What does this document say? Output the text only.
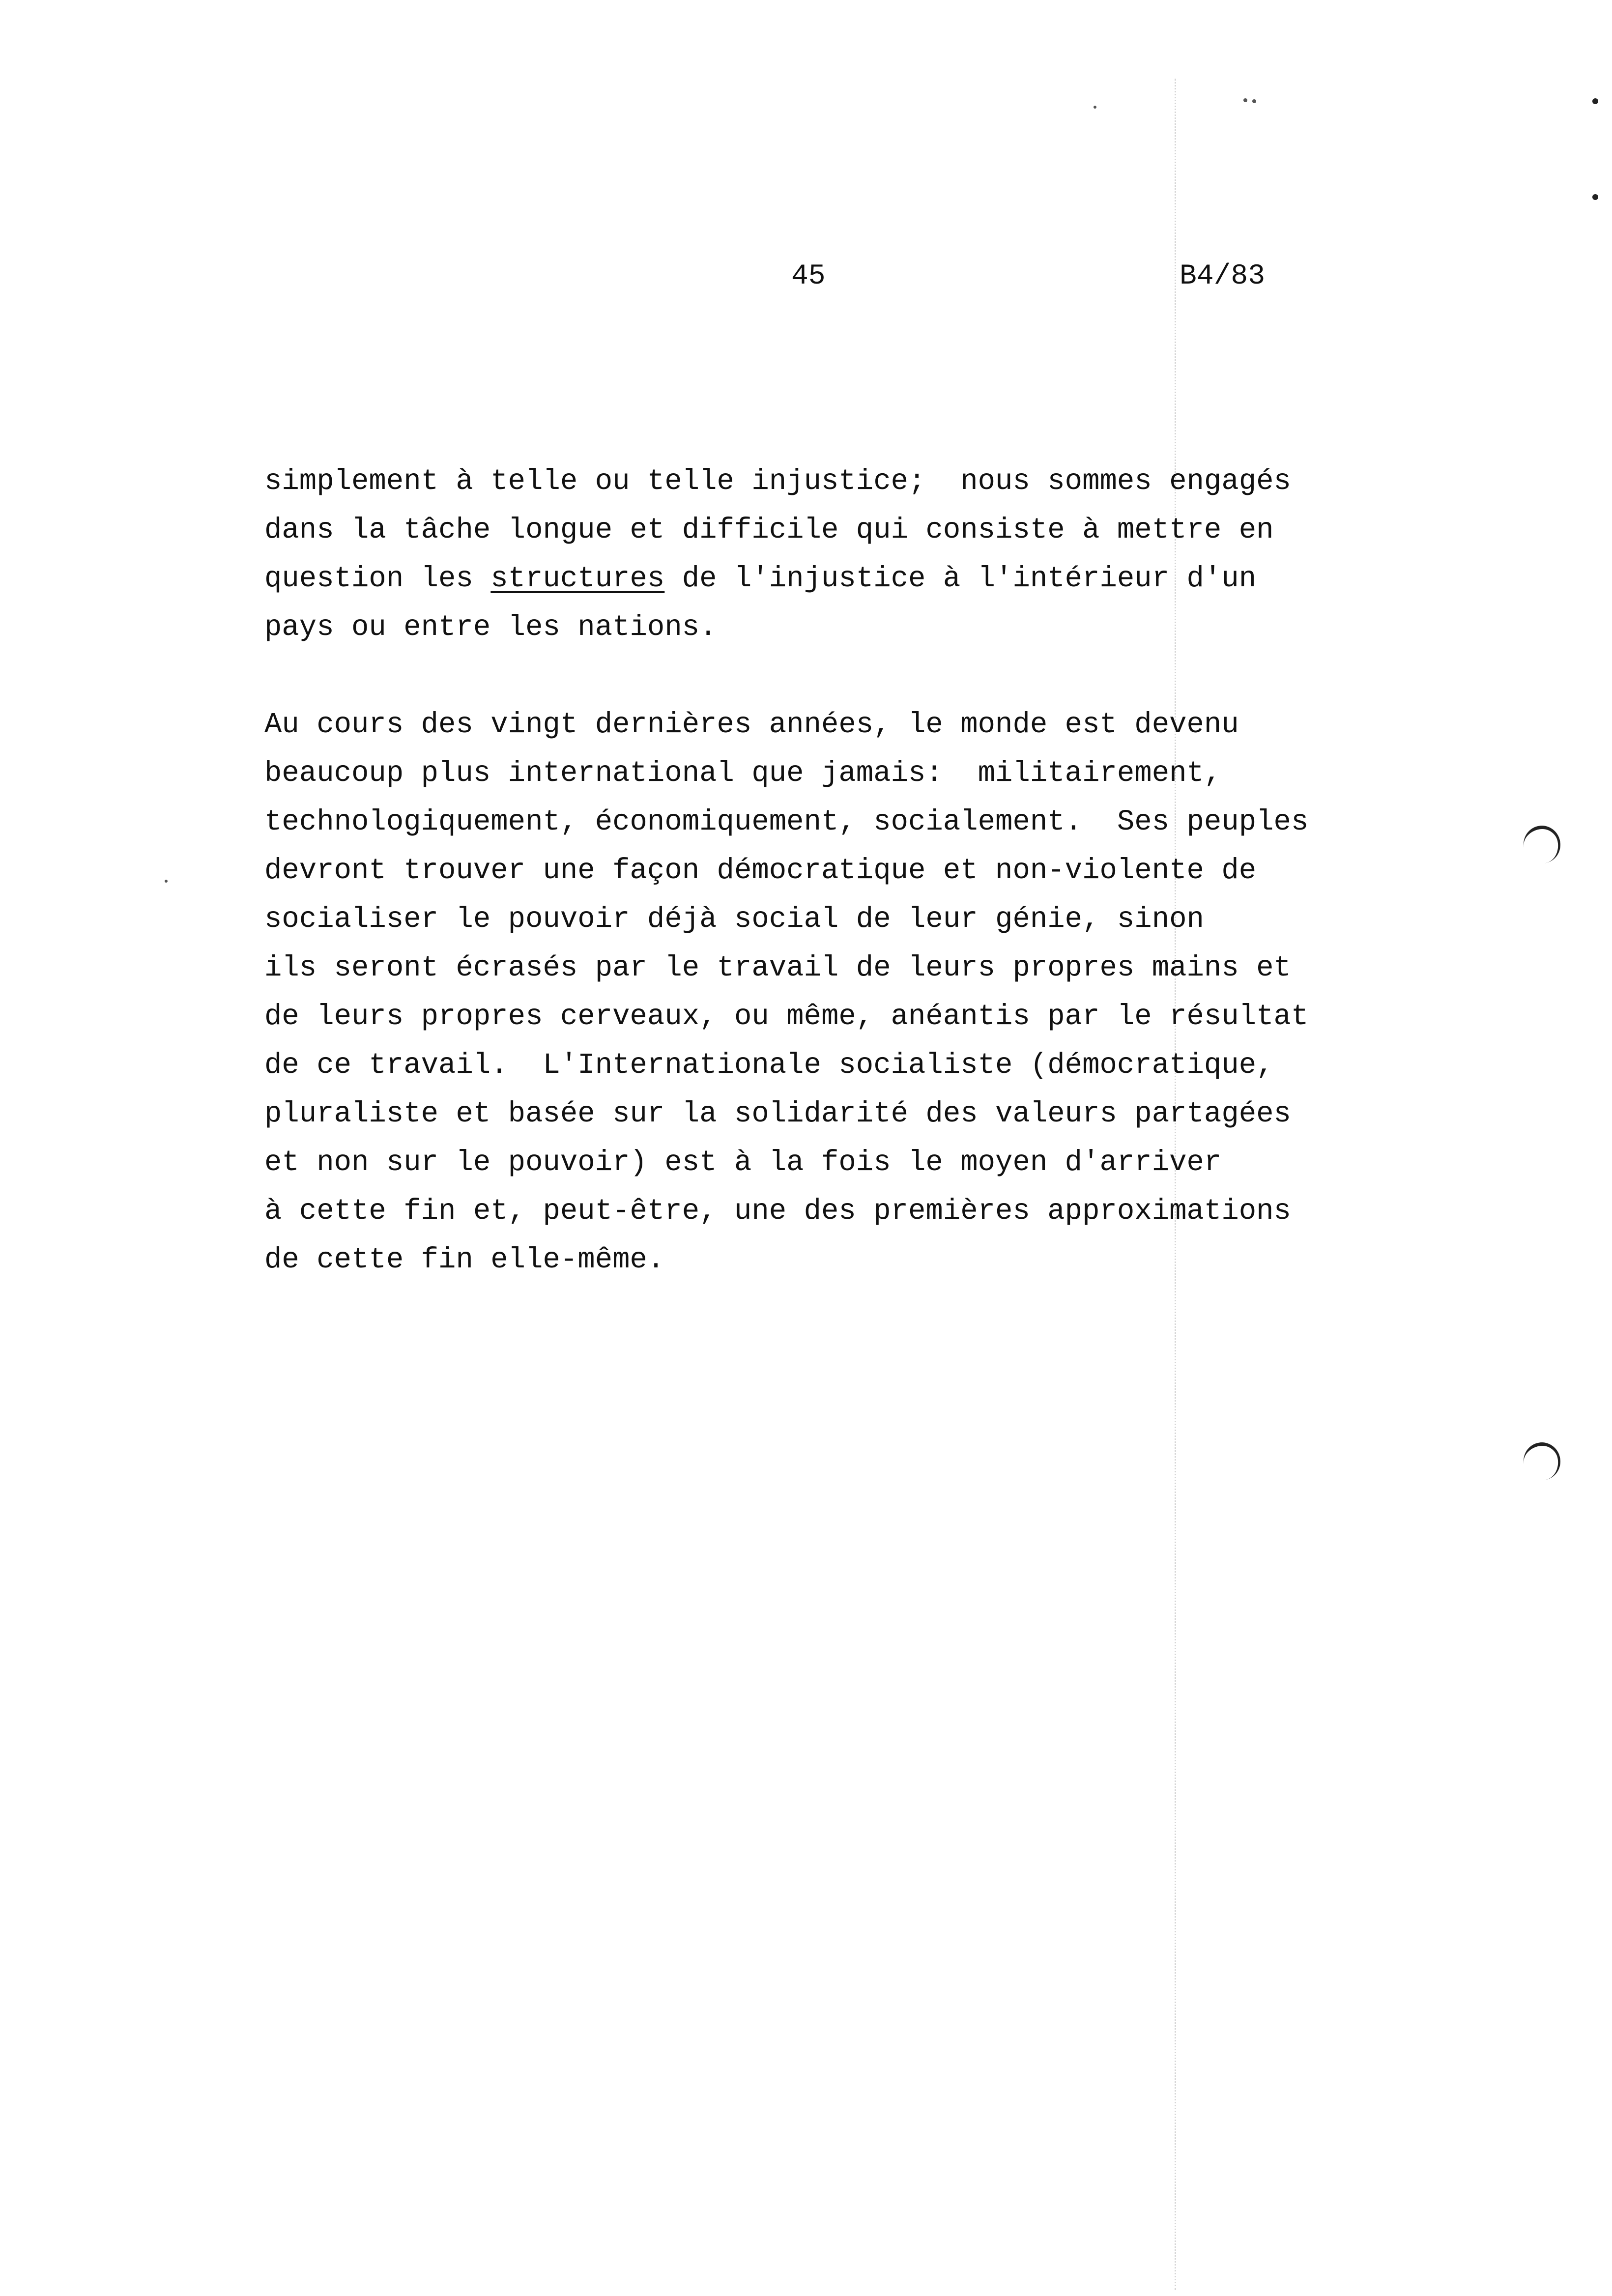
45	B4/83
simplement à telle ou telle injustice;  nous sommes engagés
dans la tâche longue et difficile qui consiste à mettre en
question les structures de l'injustice à l'intérieur d'un
pays ou entre les nations.
Au cours des vingt dernières années, le monde est devenu
beaucoup plus international que jamais:  militairement,
technologiquement, économiquement, socialement.  Ses peuples
devront trouver une façon démocratique et non-violente de
socialiser le pouvoir déjà social de leur génie, sinon
ils seront écrasés par le travail de leurs propres mains et
de leurs propres cerveaux, ou même, anéantis par le résultat
de ce travail.  L'Internationale socialiste (démocratique,
pluraliste et basée sur la solidarité des valeurs partagées
et non sur le pouvoir) est à la fois le moyen d'arriver
à cette fin et, peut-être, une des premières approximations
de cette fin elle-même.
